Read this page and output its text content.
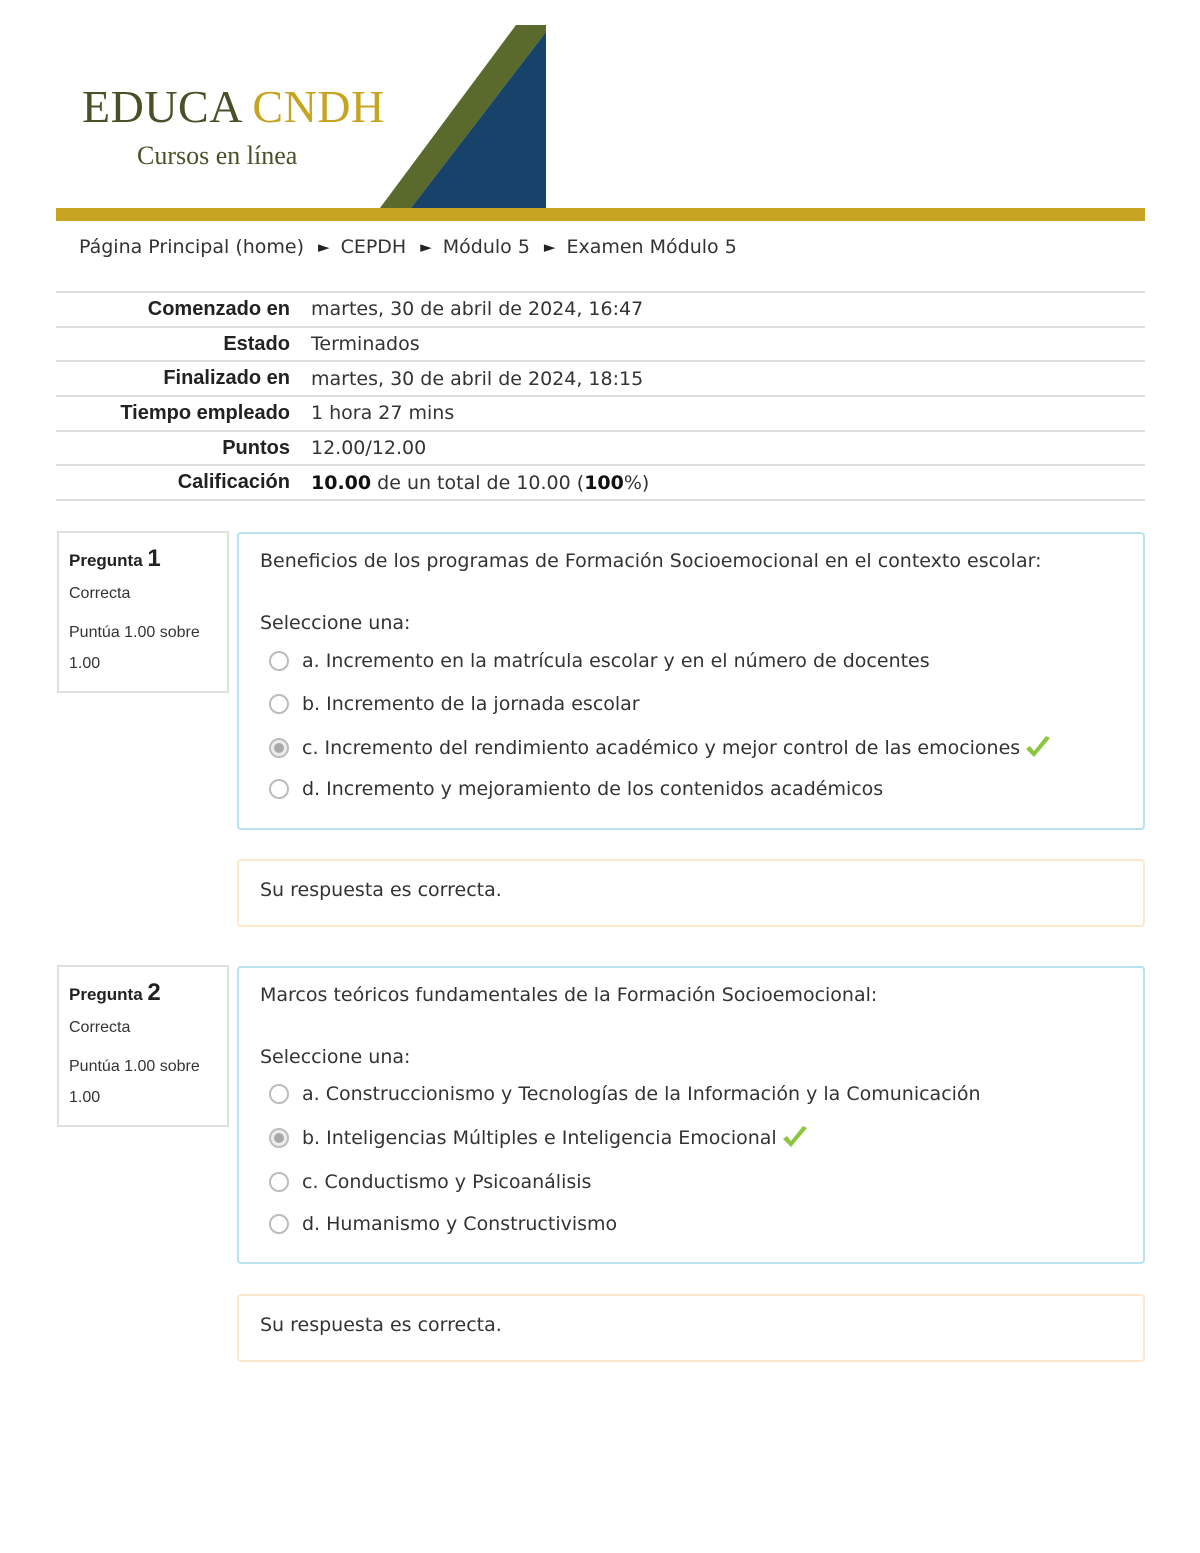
EDUCA CNDH
Cursos en línea
Página Principal (home) ► CEPDH ► Módulo 5 ► Examen Módulo 5
Comenzado en	martes, 30 de abril de 2024, 16:47
Estado	Terminados
Finalizado en	martes, 30 de abril de 2024, 18:15
Tiempo empleado	1 hora 27 mins
Puntos	12.00/12.00
Calificación	10.00 de un total de 10.00 (100%)
Pregunta 1
Correcta
Puntúa 1.00 sobre 1.00
Beneficios de los programas de Formación Socioemocional en el contexto escolar:
Seleccione una:
a. Incremento en la matrícula escolar y en el número de docentes
b. Incremento de la jornada escolar
c. Incremento del rendimiento académico y mejor control de las emociones
d. Incremento y mejoramiento de los contenidos académicos
Su respuesta es correcta.
Pregunta 2
Correcta
Puntúa 1.00 sobre 1.00
Marcos teóricos fundamentales de la Formación Socioemocional:
Seleccione una:
a. Construccionismo y Tecnologías de la Información y la Comunicación
b. Inteligencias Múltiples e Inteligencia Emocional
c. Conductismo y Psicoanálisis
d. Humanismo y Constructivismo
Su respuesta es correcta.
